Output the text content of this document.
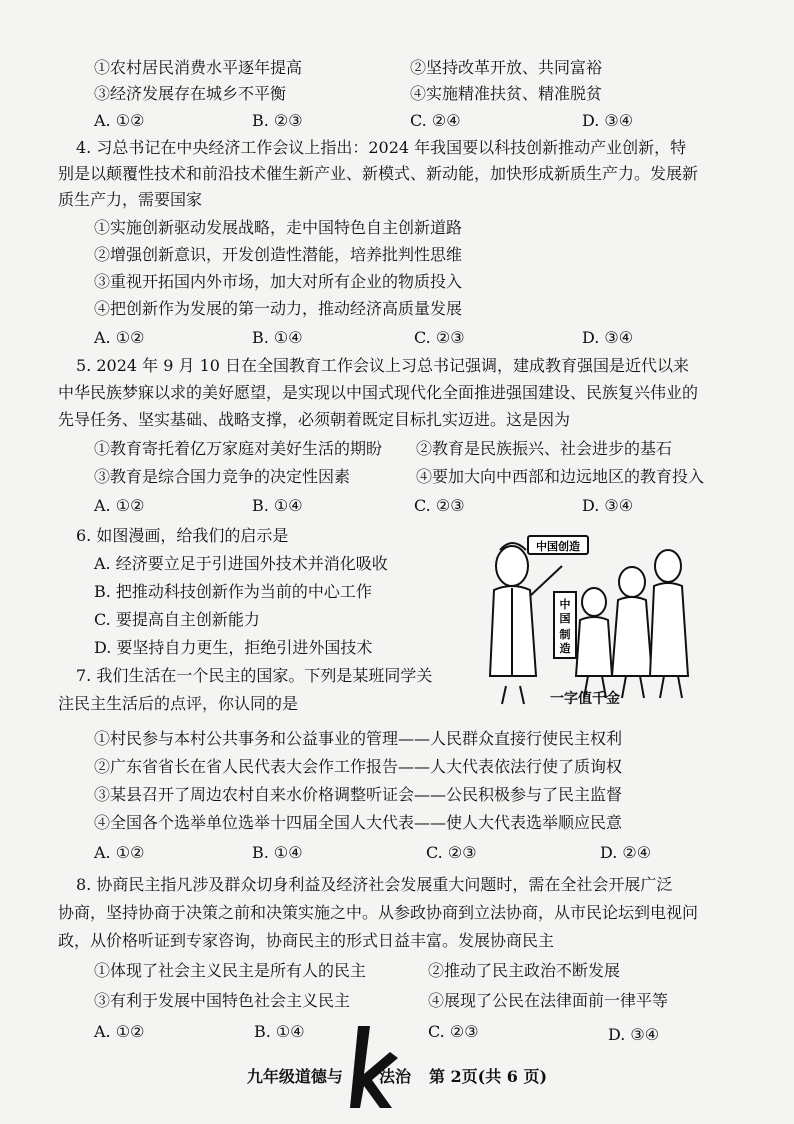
①农村居民消费水平逐年提高	②坚持改革开放、共同富裕
③经济发展存在城乡不平衡	④实施精准扶贫、精准脱贫
A. ①②	B. ②③	C. ②④	D. ③④
4. 习总书记在中央经济工作会议上指出：2024 年我国要以科技创新推动产业创新，特
别是以颠覆性技术和前沿技术催生新产业、新模式、新动能，加快形成新质生产力。发展新
质生产力，需要国家
①实施创新驱动发展战略，走中国特色自主创新道路
②增强创新意识，开发创造性潜能，培养批判性思维
③重视开拓国内外市场，加大对所有企业的物质投入
④把创新作为发展的第一动力，推动经济高质量发展
A. ①②	B. ①④	C. ②③	D. ③④
5. 2024 年 9 月 10 日在全国教育工作会议上习总书记强调，建成教育强国是近代以来
中华民族梦寐以求的美好愿望，是实现以中国式现代化全面推进强国建设、民族复兴伟业的
先导任务、坚实基础、战略支撑，必须朝着既定目标扎实迈进。这是因为
①教育寄托着亿万家庭对美好生活的期盼 ②教育是民族振兴、社会进步的基石
③教育是综合国力竞争的决定性因素	④要加大向中西部和边远地区的教育投入
A. ①②	B. ①④	C. ②③	D. ③④
6. 如图漫画，给我们的启示是
A. 经济要立足于引进国外技术并消化吸收
B. 把推动科技创新作为当前的中心工作
C. 要提高自主创新能力
D. 要坚持自力更生，拒绝引进外国技术
中国创造
中
国
制
造
一字值千金
7. 我们生活在一个民主的国家。下列是某班同学关
注民主生活后的点评，你认同的是
①村民参与本村公共事务和公益事业的管理——人民群众直接行使民主权利
②广东省省长在省人民代表大会作工作报告——人大代表依法行使了质询权
③某县召开了周边农村自来水价格调整听证会——公民积极参与了民主监督
④全国各个选举单位选举十四届全国人大代表——使人大代表选举顺应民意
A. ①②	B. ①④	C. ②③	D. ②④
8. 协商民主指凡涉及群众切身利益及经济社会发展重大问题时，需在全社会开展广泛
协商，坚持协商于决策之前和决策实施之中。从参政协商到立法协商，从市民论坛到电视问
政，从价格听证到专家咨询，协商民主的形式日益丰富。发展协商民主
①体现了社会主义民主是所有人的民主	②推动了民主政治不断发展
③有利于发展中国特色社会主义民主	④展现了公民在法律面前一律平等
A. ①②	B. ①④	C. ②③	D. ③④
九年级道德与 法治 第 2页(共 6 页)
